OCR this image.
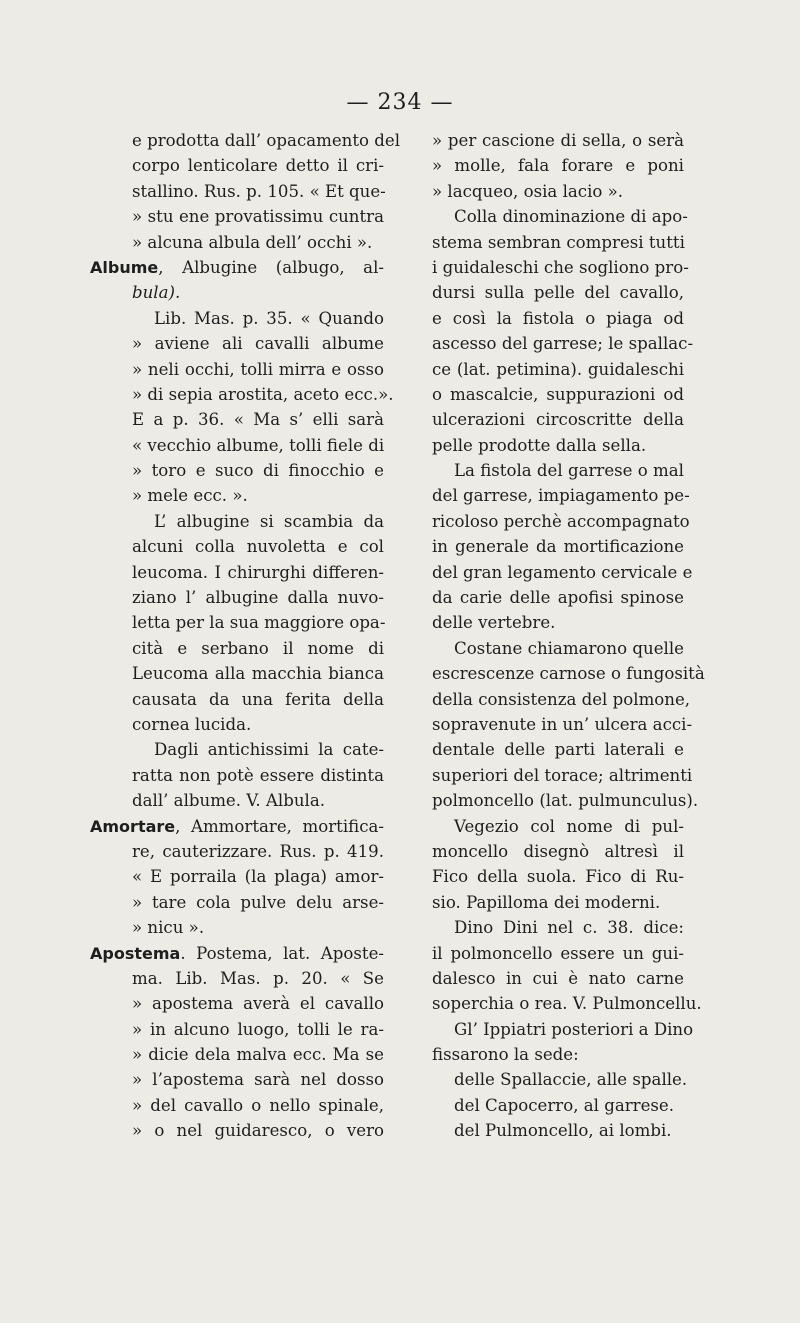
— 234 —
e prodotta dall’ opacamento del
corpo lenticolare detto il cri-
stallino. Rus. p. 105. « Et que-
» stu ene provatissimu cuntra
» alcuna albula dell’ occhi ».
Albume, Albugine (albugo, al-
bula).
Lib. Mas. p. 35. « Quando
» aviene ali cavalli albume
» neli occhi, tolli mirra e osso
» di sepia arostita, aceto ecc.».
E a p. 36. « Ma s’ elli sarà
« vecchio albume, tolli fiele di
» toro e suco di finocchio e
» mele ecc. ».
L’ albugine si scambia da
alcuni colla nuvoletta e col
leucoma. I chirurghi differen-
ziano l’ albugine dalla nuvo-
letta per la sua maggiore opa-
cità e serbano il nome di
Leucoma alla macchia bianca
causata da una ferita della
cornea lucida.
Dagli antichissimi la cate-
ratta non potè essere distinta
dall’ albume. V. Albula.
Amortare, Ammortare, mortifica-
re, cauterizzare. Rus. p. 419.
« E porraila (la plaga) amor-
» tare cola pulve delu arse-
» nicu ».
Apostema. Postema, lat. Aposte-
ma. Lib. Mas. p. 20. « Se
» apostema averà el cavallo
» in alcuno luogo, tolli le ra-
» dicie dela malva ecc. Ma se
» l’apostema sarà nel dosso
» del cavallo o nello spinale,
» o nel guidaresco, o vero
» per cascione di sella, o serà
» molle, fala forare e poni
» lacqueo, osia lacio ».
Colla dinominazione di apo-
stema sembran compresi tutti
i guidaleschi che sogliono pro-
dursi sulla pelle del cavallo,
e così la fistola o piaga od
ascesso del garrese; le spallac-
ce (lat. petimina). guidaleschi
o mascalcie, suppurazioni od
ulcerazioni circoscritte della
pelle prodotte dalla sella.
La fistola del garrese o mal
del garrese, impiagamento pe-
ricoloso perchè accompagnato
in generale da mortificazione
del gran legamento cervicale e
da carie delle apofisi spinose
delle vertebre.
Costane chiamarono quelle
escrescenze carnose o fungosità
della consistenza del polmone,
sopravenute in un’ ulcera acci-
dentale delle parti laterali e
superiori del torace; altrimenti
polmoncello (lat. pulmunculus).
Vegezio col nome di pul-
moncello disegnò altresì il
Fico della suola. Fico di Ru-
sio. Papilloma dei moderni.
Dino Dini nel c. 38. dice:
il polmoncello essere un gui-
dalesco in cui è nato carne
soperchia o rea. V. Pulmoncellu.
Gl’ Ippiatri posteriori a Dino
fissarono la sede:
delle Spallaccie, alle spalle.
del Capocerro, al garrese.
del Pulmoncello, ai lombi.
